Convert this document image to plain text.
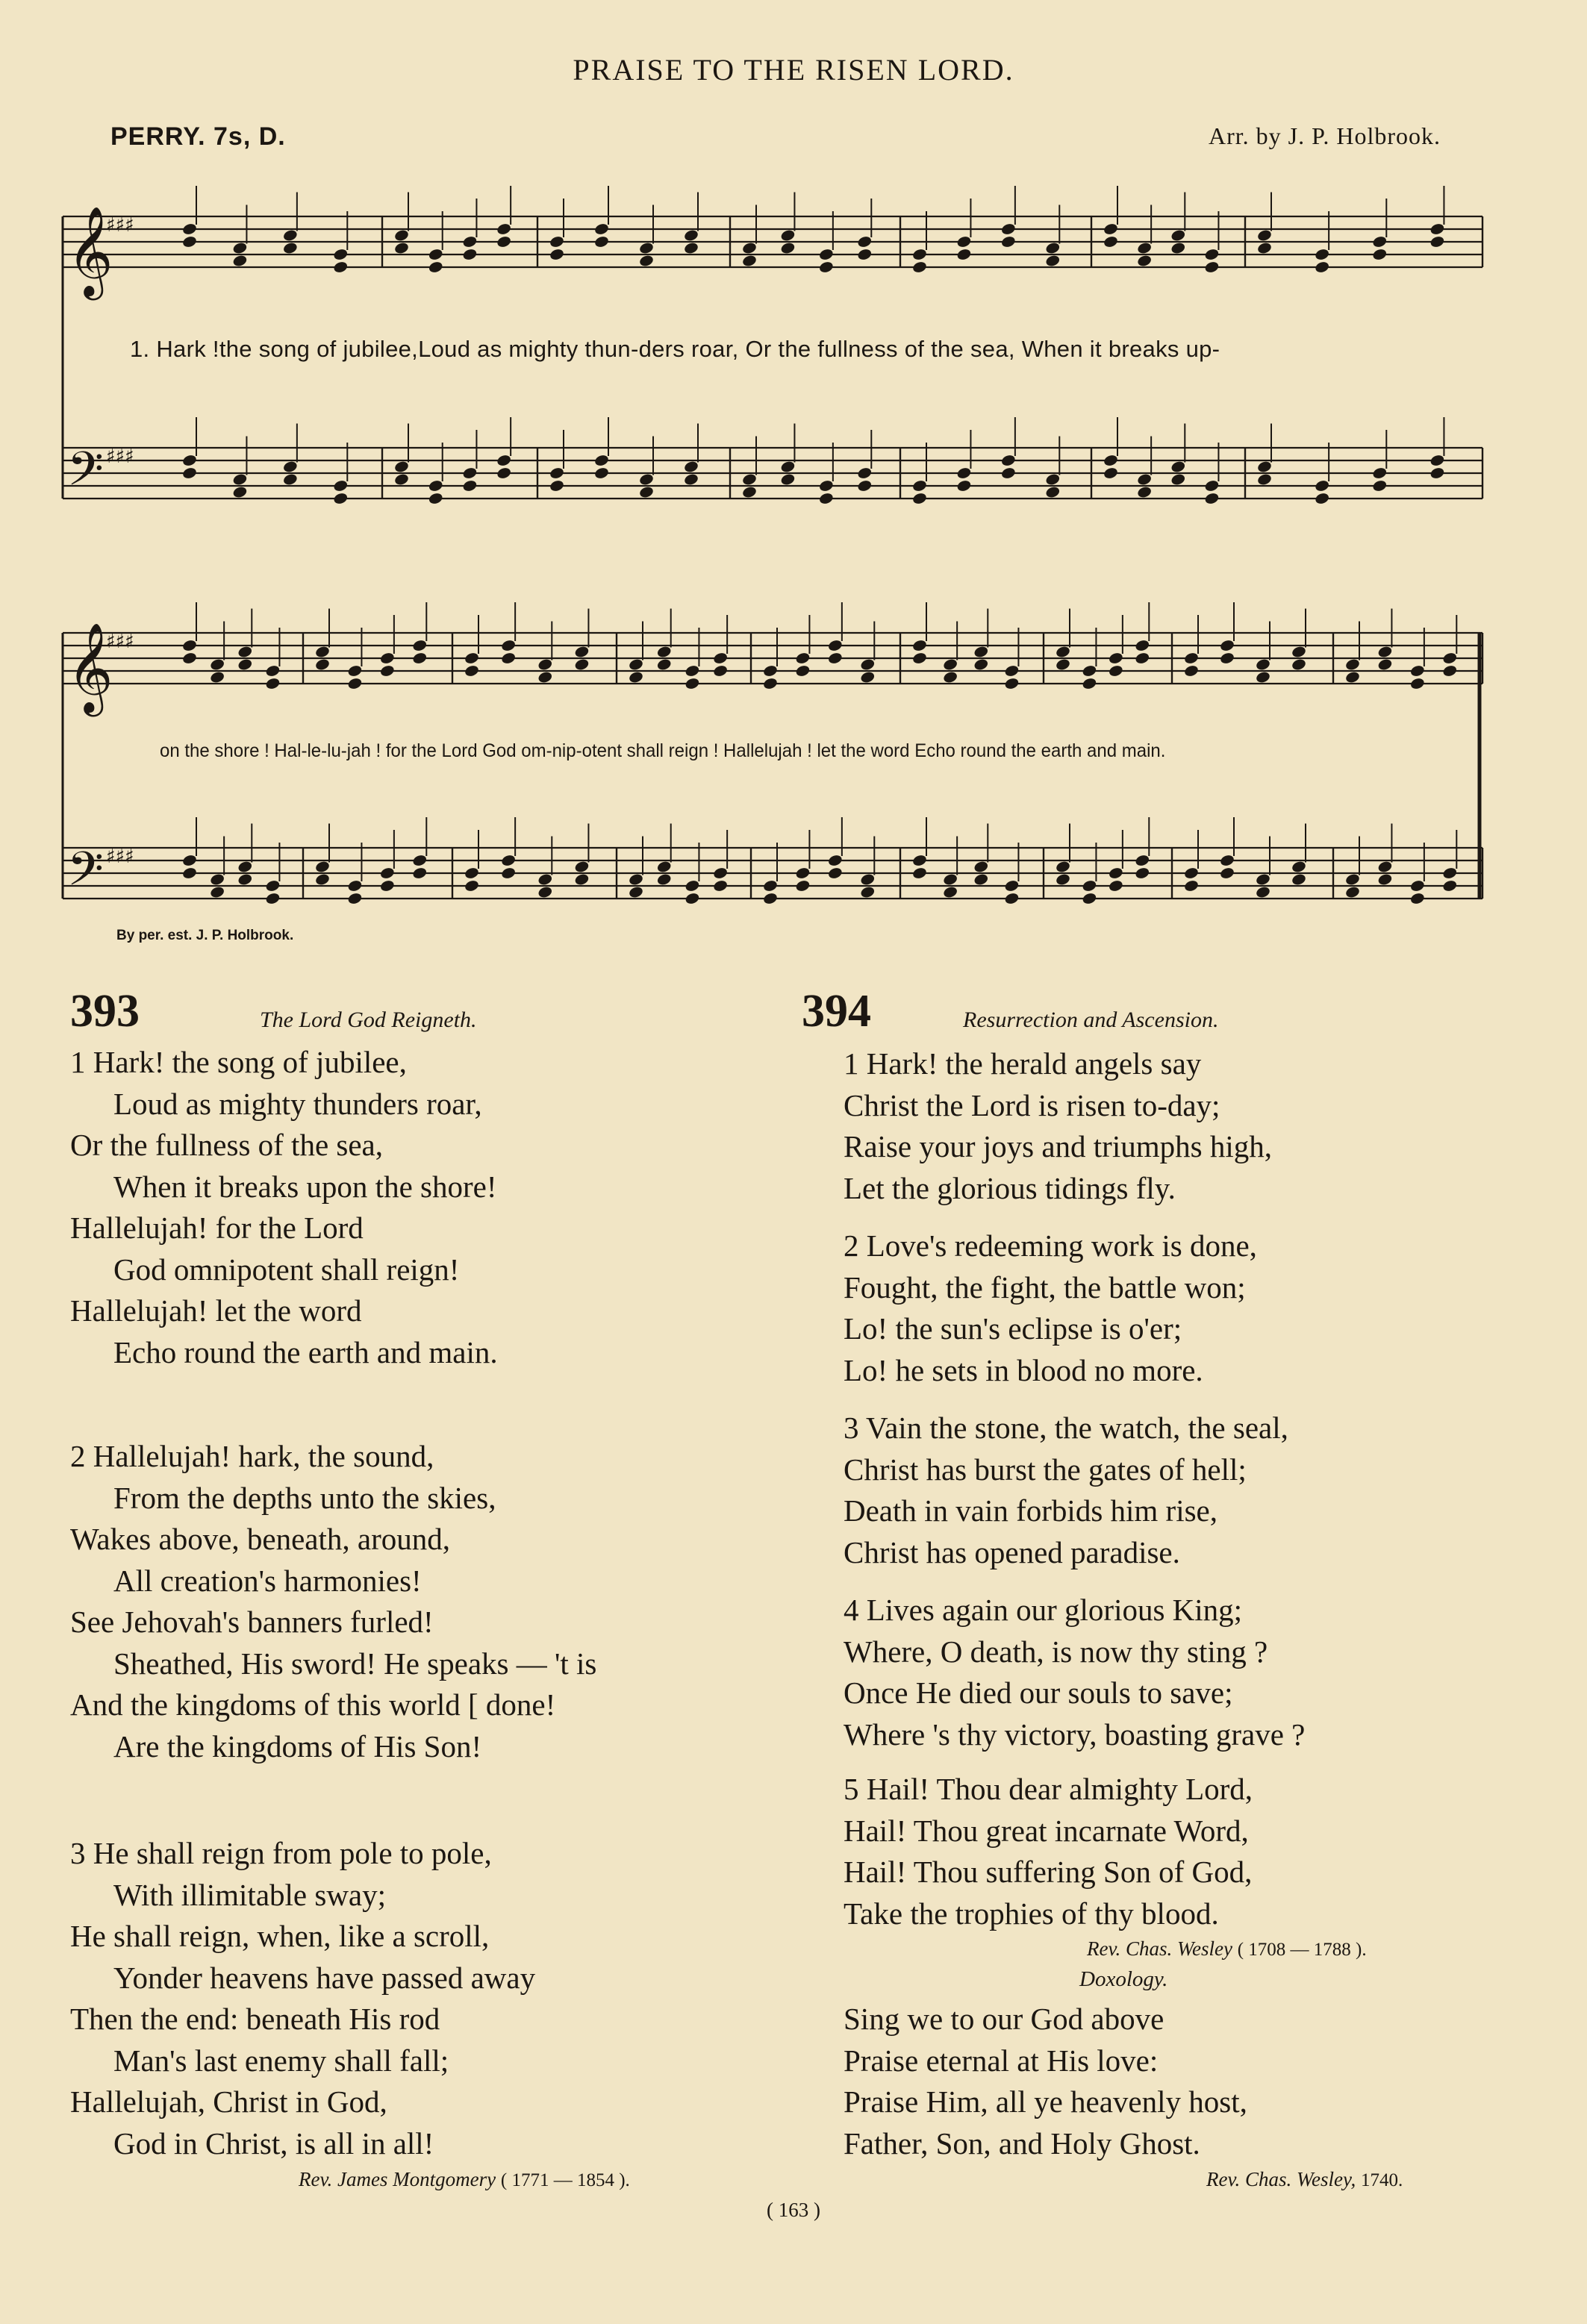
PRAISE TO THE RISEN LORD.
PERRY. 7s, D.	Arr. by J. P. Holbrook.
𝄞
♯♯♯
𝄢 ♯♯♯
𝄞
♯♯♯
𝄢 ♯♯♯
1. Hark !the song of jubilee,Loud as mighty thun-ders roar, Or the fullness of the sea, When it breaks up-
on the shore ! Hal-le-lu-jah ! for the Lord God om-nip-otent shall reign ! Hallelujah ! let the word Echo round the earth and main.
By per. est. J. P. Holbrook.
393	The Lord God Reigneth.
1 Hark! the song of jubilee,
Loud as mighty thunders roar,
Or the fullness of the sea,
When it breaks upon the shore!
Hallelujah! for the Lord
God omnipotent shall reign!
Hallelujah! let the word
Echo round the earth and main.
2 Hallelujah! hark, the sound,
From the depths unto the skies,
Wakes above, beneath, around,
All creation's harmonies!
See Jehovah's banners furled!
Sheathed, His sword! He speaks — 't is
And the kingdoms of this world [ done!
Are the kingdoms of His Son!
3 He shall reign from pole to pole,
With illimitable sway;
He shall reign, when, like a scroll,
Yonder heavens have passed away
Then the end: beneath His rod
Man's last enemy shall fall;
Hallelujah, Christ in God,
God in Christ, is all in all!
Rev. James Montgomery ( 1771 — 1854 ).
394	Resurrection and Ascension.
1 Hark! the herald angels say
Christ the Lord is risen to-day;
Raise your joys and triumphs high,
Let the glorious tidings fly.
2 Love's redeeming work is done,
Fought, the fight, the battle won;
Lo! the sun's eclipse is o'er;
Lo! he sets in blood no more.
3 Vain the stone, the watch, the seal,
Christ has burst the gates of hell;
Death in vain forbids him rise,
Christ has opened paradise.
4 Lives again our glorious King;
Where, O death, is now thy sting ?
Once He died our souls to save;
Where 's thy victory, boasting grave ?
5 Hail! Thou dear almighty Lord,
Hail! Thou great incarnate Word,
Hail! Thou suffering Son of God,
Take the trophies of thy blood.
Rev. Chas. Wesley ( 1708 — 1788 ).
Doxology.
Sing we to our God above
Praise eternal at His love:
Praise Him, all ye heavenly host,
Father, Son, and Holy Ghost.
Rev. Chas. Wesley, 1740.
( 163 )
